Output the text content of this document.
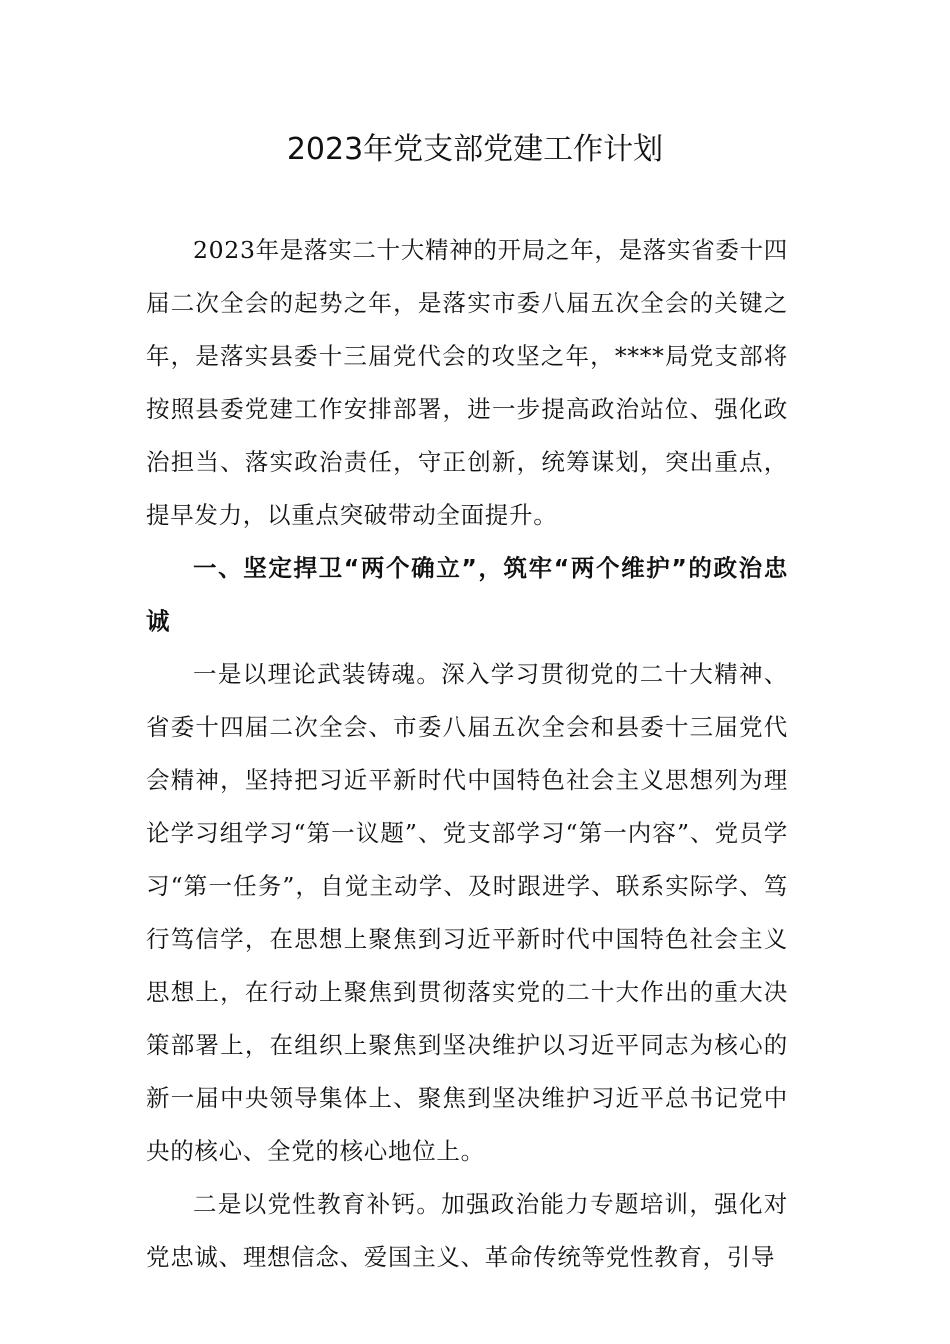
2023年党支部党建工作计划

2023年是落实二十大精神的开局之年，是落实省委十四届二次全会的起势之年，是落实市委八届五次全会的关键之年，是落实县委十三届党代会的攻坚之年，****局党支部将按照县委党建工作安排部署，进一步提高政治站位、强化政治担当、落实政治责任，守正创新，统筹谋划，突出重点，提早发力，以重点突破带动全面提升。

一、坚定捍卫“两个确立”，筑牢“两个维护”的政治忠诚

一是以理论武装铸魂。深入学习贯彻党的二十大精神、省委十四届二次全会、市委八届五次全会和县委十三届党代会精神，坚持把习近平新时代中国特色社会主义思想列为理论学习组学习“第一议题”、党支部学习“第一内容”、党员学习“第一任务”，自觉主动学、及时跟进学、联系实际学、笃行笃信学，在思想上聚焦到习近平新时代中国特色社会主义思想上，在行动上聚焦到贯彻落实党的二十大作出的重大决策部署上，在组织上聚焦到坚决维护以习近平同志为核心的新一届中央领导集体上、聚焦到坚决维护习近平总书记党中央的核心、全党的核心地位上。

二是以党性教育补钙。加强政治能力专题培训，强化对党忠诚、理想信念、爱国主义、革命传统等党性教育，引导
